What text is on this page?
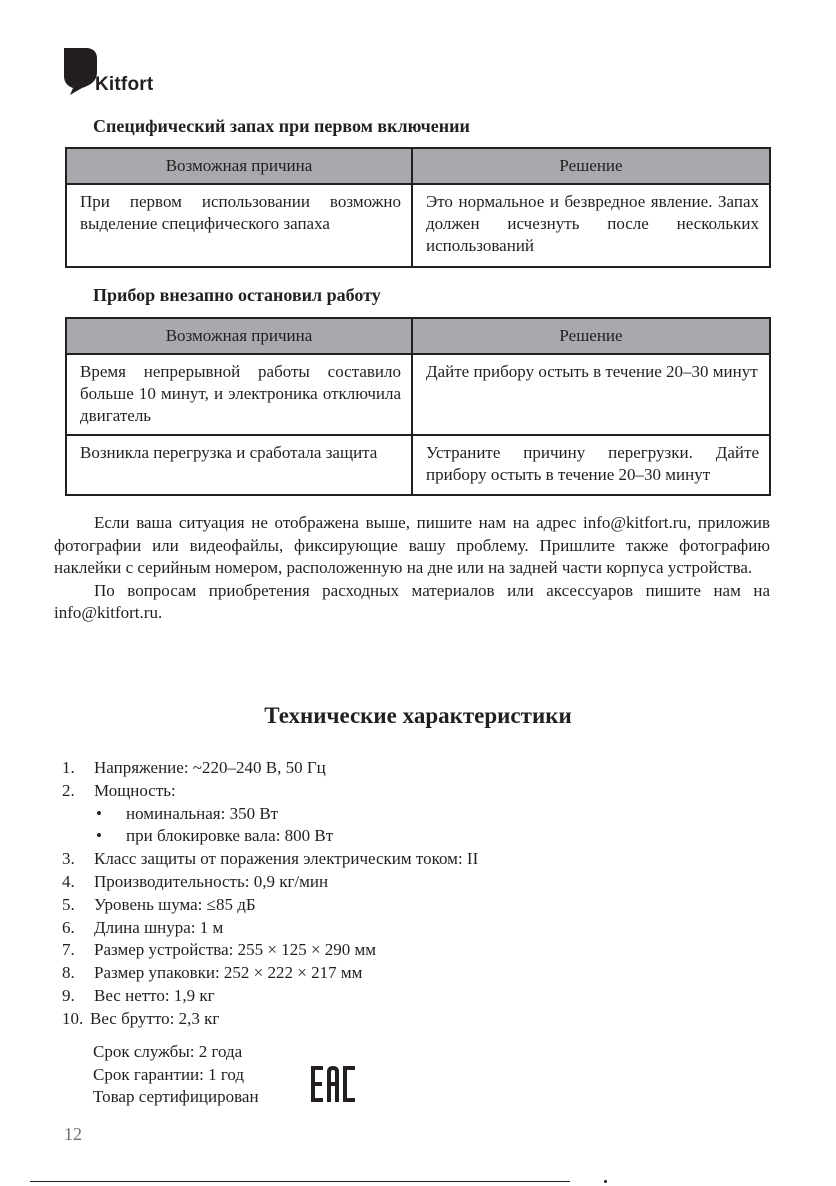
Kitfort
Специфический запах при первом включении
Возможная причина	Решение
При первом использовании возможно выделение специфического запаха	Это нормальное и безвредное явление. Запах должен исчезнуть после нескольких использований
Прибор внезапно остановил работу
Возможная причина	Решение
Время непрерывной работы составило больше 10 минут, и электроника отключила двигатель	Дайте прибору остыть в течение 20–30 минут
Возникла перегрузка и сработала защита	Устраните причину перегрузки. Дайте прибору остыть в течение 20–30 минут

Если ваша ситуация не отображена выше, пишите нам на адрес info@kitfort.ru, приложив фотографии или видеофайлы, фиксирующие вашу проблему. Пришлите также фотографию наклейки с серийным номером, расположенную на дне или на задней части корпуса устройства.

По вопросам приобретения расходных материалов или аксессуаров пишите нам на info@kitfort.ru.

Технические характеристики
1. Напряжение: ~220–240 В, 50 Гц
2. Мощность:
• номинальная: 350 Вт
• при блокировке вала: 800 Вт
3. Класс защиты от поражения электрическим током: II
4. Производительность: 0,9 кг/мин
5. Уровень шума: ≤85 дБ
6. Длина шнура: 1 м
7. Размер устройства: 255 × 125 × 290 мм
8. Размер упаковки: 252 × 222 × 217 мм
9. Вес нетто: 1,9 кг
10. Вес брутто: 2,3 кг
Срок службы: 2 года
Срок гарантии: 1 год
Товар сертифицирован
12
